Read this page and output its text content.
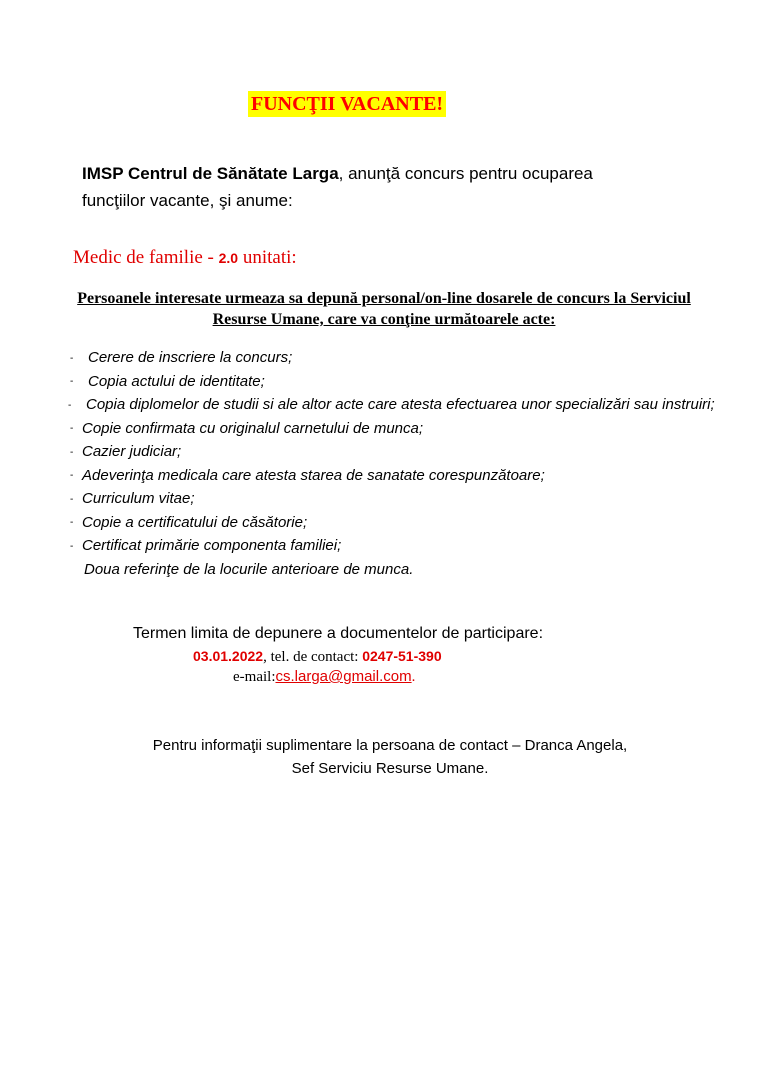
FUNCŢII VACANTE!
IMSP Centrul de Sănătate Larga, anunţă concurs pentru ocuparea
funcţiilor vacante, şi anume:
Medic de familie - 2.0 unitati:
Persoanele interesate urmeaza sa depună personal/on-line dosarele de concurs la Serviciul Resurse Umane, care va conţine următoarele acte:
- Cerere de inscriere la concurs;
- Copia actului de identitate;
- Copia diplomelor de studii si ale altor acte care atesta efectuarea unor specializări sau instruiri;
- Copie confirmata cu originalul carnetului de munca;
- Cazier judiciar;
- Adeverinţa medicala care atesta starea de sanatate corespunzătoare;
- Curriculum vitae;
- Copie a certificatului de căsătorie;
- Certificat primărie componenta familiei;
Doua referinţe de la locurile anterioare de munca.
Termen limita de depunere a documentelor de participare:
03.01.2022, tel. de contact: 0247-51-390
e-mail:cs.larga@gmail.com.
Pentru informaţii suplimentare la persoana de contact – Dranca Angela,
Sef Serviciu Resurse Umane.
